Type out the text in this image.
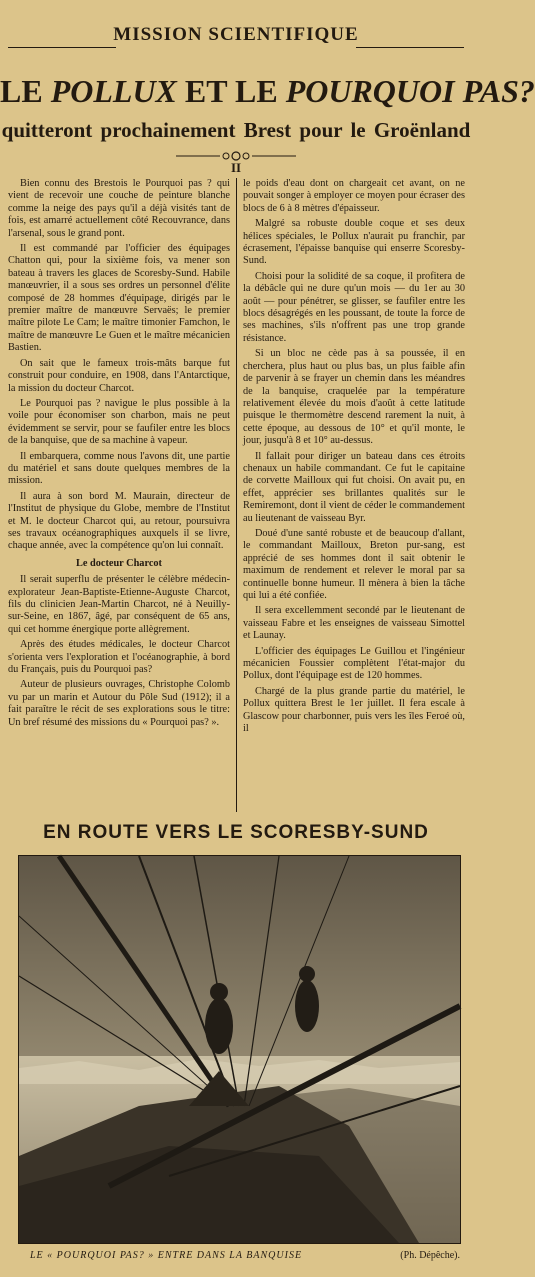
MISSION SCIENTIFIQUE
LE POLLUX ET LE POURQUOI PAS?
quitteront prochainement Brest pour le Groënland
II

Bien connu des Brestois le Pourquoi pas ? qui vient de recevoir une couche de peinture blanche comme la neige des pays qu'il a déjà visités tant de fois, est amarré actuellement côté Recouvrance, dans l'arsenal, sous le grand pont.

Il est commandé par l'officier des équipages Chatton qui, pour la sixième fois, va mener son bateau à travers les glaces de Scoresby-Sund. Habile manœuvrier, il a sous ses ordres un personnel d'élite composé de 28 hommes d'équipage, dirigés par le premier maître de manœuvre Servaës; le premier maître pilote Le Cam; le maître timonier Famchon, le maître de manœuvre Le Guen et le maître mécanicien Bastien.

On sait que le fameux trois-mâts barque fut construit pour conduire, en 1908, dans l'Antarctique, la mission du docteur Charcot.

Le Pourquoi pas ? navigue le plus possible à la voile pour économiser son charbon, mais ne peut évidemment se servir, pour se faufiler entre les blocs de la banquise, que de sa machine à vapeur.

Il embarquera, comme nous l'avons dit, une partie du matériel et sans doute quelques membres de la mission.

Il aura à son bord M. Maurain, directeur de l'Institut de physique du Globe, membre de l'Institut et M. le docteur Charcot qui, au retour, poursuivra ses travaux océanographiques auxquels il se livre, chaque année, avec la compétence qu'on lui connaît.

Le docteur Charcot

Il serait superflu de présenter le célèbre médecin-explorateur Jean-Baptiste-Etienne-Auguste Charcot, fils du clinicien Jean-Martin Charcot, né à Neuilly-sur-Seine, en 1867, âgé, par conséquent de 65 ans, qui cet homme énergique porte allègrement.

Après des études médicales, le docteur Charcot s'orienta vers l'exploration et l'océanographie, à bord du Français, puis du Pourquoi pas?

Auteur de plusieurs ouvrages, Christophe Colomb vu par un marin et Autour du Pôle Sud (1912); il a fait paraître le récit de ses explorations sous le titre: Un bref résumé des missions du « Pourquoi pas? ».

le poids d'eau dont on chargeait cet avant, on ne pouvait songer à employer ce moyen pour écraser des blocs de 6 à 8 mètres d'épaisseur.

Malgré sa robuste double coque et ses deux hélices spéciales, le Pollux n'aurait pu franchir, par écrasement, l'épaisse banquise qui enserre Scoresby-Sund.

Choisi pour la solidité de sa coque, il profitera de la débâcle qui ne dure qu'un mois — du 1er au 30 août — pour pénétrer, se glisser, se faufiler entre les blocs désagrégés en les poussant, de toute la force de ses machines, s'ils n'offrent pas une trop grande résistance.

Si un bloc ne cède pas à sa poussée, il en cherchera, plus haut ou plus bas, un plus faible afin de parvenir à se frayer un chemin dans les méandres de la banquise, craquelée par la température relativement élevée du mois d'août à cette latitude puisque le thermomètre descend rarement la nuit, à cette époque, au dessous de 10° et qu'il monte, le jour, jusqu'à 8 et 10° au-dessus.

Il fallait pour diriger un bateau dans ces étroits chenaux un habile commandant. Ce fut le capitaine de corvette Mailloux qui fut choisi. On avait pu, en effet, apprécier ses brillantes qualités sur le Remiremont, dont il vient de céder le commandement au lieutenant de vaisseau Byr.

Doué d'une santé robuste et de beaucoup d'allant, le commandant Mailloux, Breton pur-sang, est apprécié de ses hommes dont il sait obtenir le maximum de rendement et relever le moral par sa continuelle bonne humeur. Il mènera à bien la tâche qui lui a été confiée.

Il sera excellemment secondé par le lieutenant de vaisseau Fabre et les enseignes de vaisseau Simottel et Launay.

L'officier des équipages Le Guillou et l'ingénieur mécanicien Foussier complètent l'état-major du Pollux, dont l'équipage est de 120 hommes.

Chargé de la plus grande partie du matériel, le Pollux quittera Brest le 1er juillet. Il fera escale à Glascow pour charbonner, puis vers les îles Feroé où, il

EN ROUTE VERS LE SCORESBY-SUND
LE « POURQUOI PAS? » ENTRE DANS LA BANQUISE	(Ph. Dépêche).
